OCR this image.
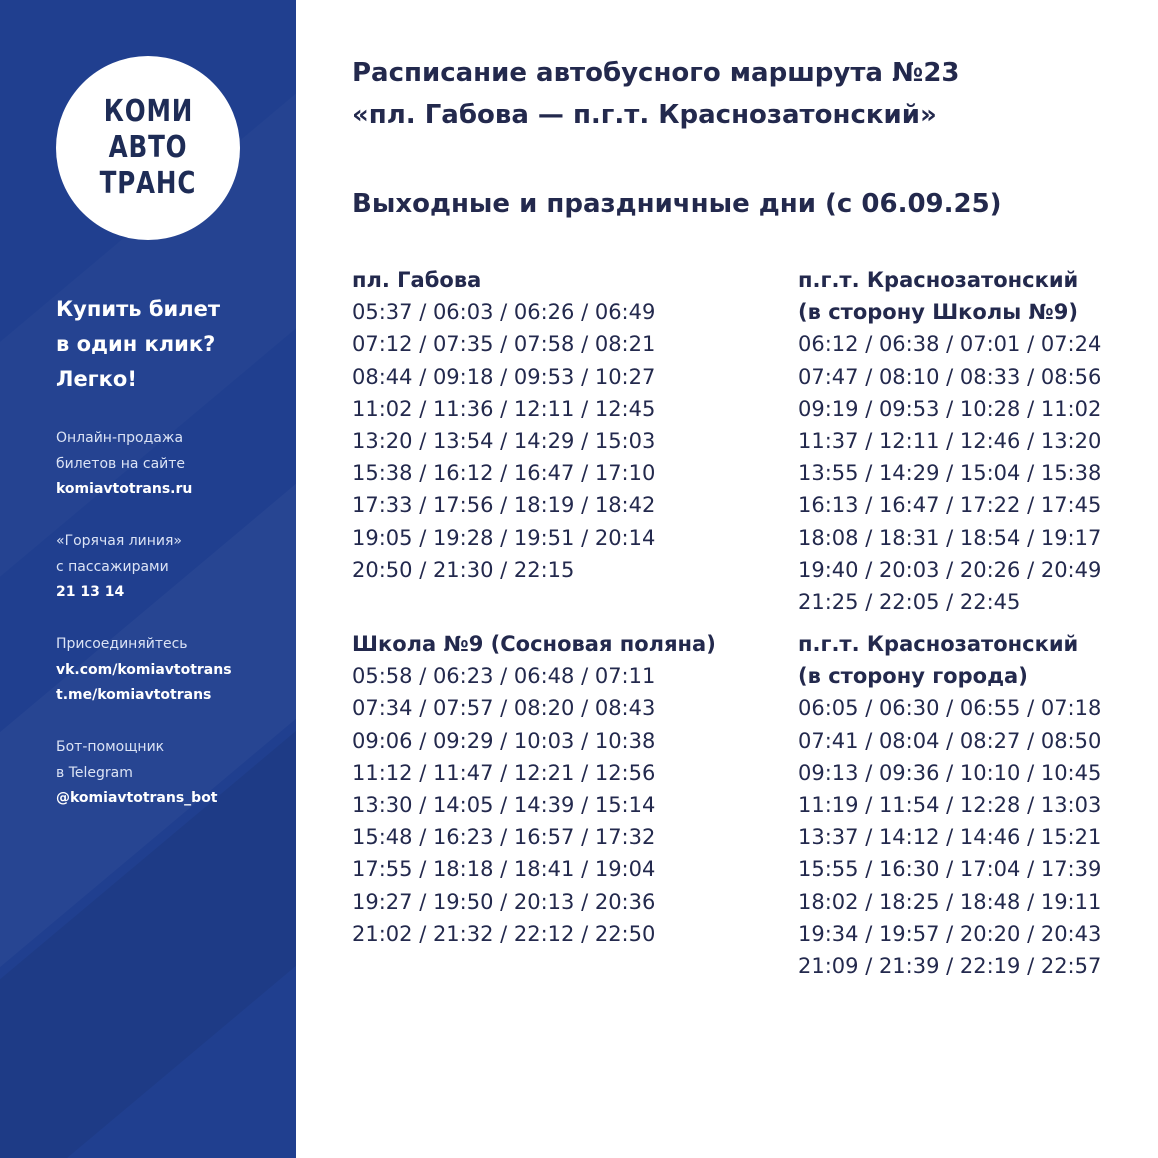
КОМИ
АВТО
ТРАНС
Купить билет
в один клик?
Легко!
Онлайн-продажа
билетов на сайте
komiavtotrans.ru
«Горячая линия»
с пассажирами
21 13 14
Присоединяйтесь
vk.com/komiavtotrans
t.me/komiavtotrans
Бот-помощник
в Telegram
@komiavtotrans_bot
Расписание автобусного маршрута №23
«пл. Габова — п.г.т. Краснозатонский»
Выходные и праздничные дни (с 06.09.25)
пл. Габова
05:37 / 06:03 / 06:26 / 06:49
07:12 / 07:35 / 07:58 / 08:21
08:44 / 09:18 / 09:53 / 10:27
11:02 / 11:36 / 12:11 / 12:45
13:20 / 13:54 / 14:29 / 15:03
15:38 / 16:12 / 16:47 / 17:10
17:33 / 17:56 / 18:19 / 18:42
19:05 / 19:28 / 19:51 / 20:14
20:50 / 21:30 / 22:15
п.г.т. Краснозатонский
(в сторону Школы №9)
06:12 / 06:38 / 07:01 / 07:24
07:47 / 08:10 / 08:33 / 08:56
09:19 / 09:53 / 10:28 / 11:02
11:37 / 12:11 / 12:46 / 13:20
13:55 / 14:29 / 15:04 / 15:38
16:13 / 16:47 / 17:22 / 17:45
18:08 / 18:31 / 18:54 / 19:17
19:40 / 20:03 / 20:26 / 20:49
21:25 / 22:05 / 22:45
Школа №9 (Сосновая поляна)
05:58 / 06:23 / 06:48 / 07:11
07:34 / 07:57 / 08:20 / 08:43
09:06 / 09:29 / 10:03 / 10:38
11:12 / 11:47 / 12:21 / 12:56
13:30 / 14:05 / 14:39 / 15:14
15:48 / 16:23 / 16:57 / 17:32
17:55 / 18:18 / 18:41 / 19:04
19:27 / 19:50 / 20:13 / 20:36
21:02 / 21:32 / 22:12 / 22:50
п.г.т. Краснозатонский
(в сторону города)
06:05 / 06:30 / 06:55 / 07:18
07:41 / 08:04 / 08:27 / 08:50
09:13 / 09:36 / 10:10 / 10:45
11:19 / 11:54 / 12:28 / 13:03
13:37 / 14:12 / 14:46 / 15:21
15:55 / 16:30 / 17:04 / 17:39
18:02 / 18:25 / 18:48 / 19:11
19:34 / 19:57 / 20:20 / 20:43
21:09 / 21:39 / 22:19 / 22:57
